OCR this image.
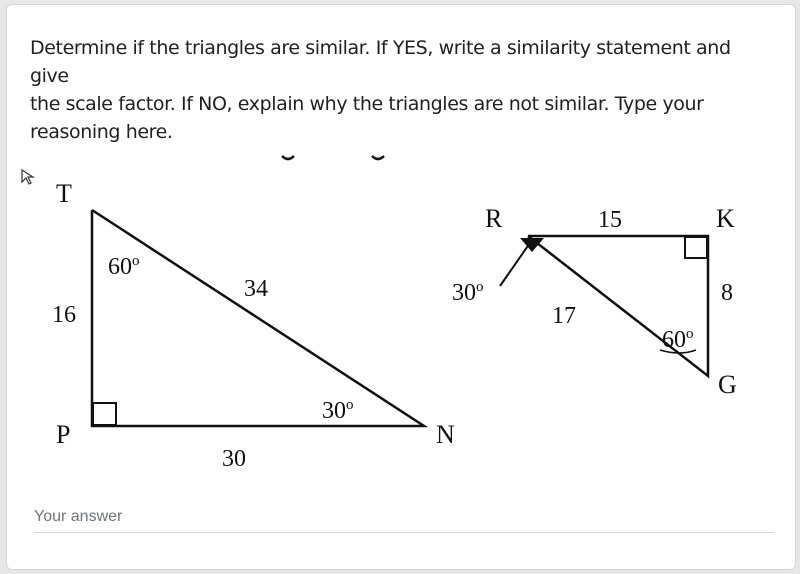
Determine if the triangles are similar. If YES, write a similarity statement and give
the scale factor. If NO, explain why the triangles are not similar. Type your
reasoning here.
T
P	N
60$^o$
30$^o$
16
34
30
R	K
G
30$^o$
60$^o$
15
8
17
Your answer
